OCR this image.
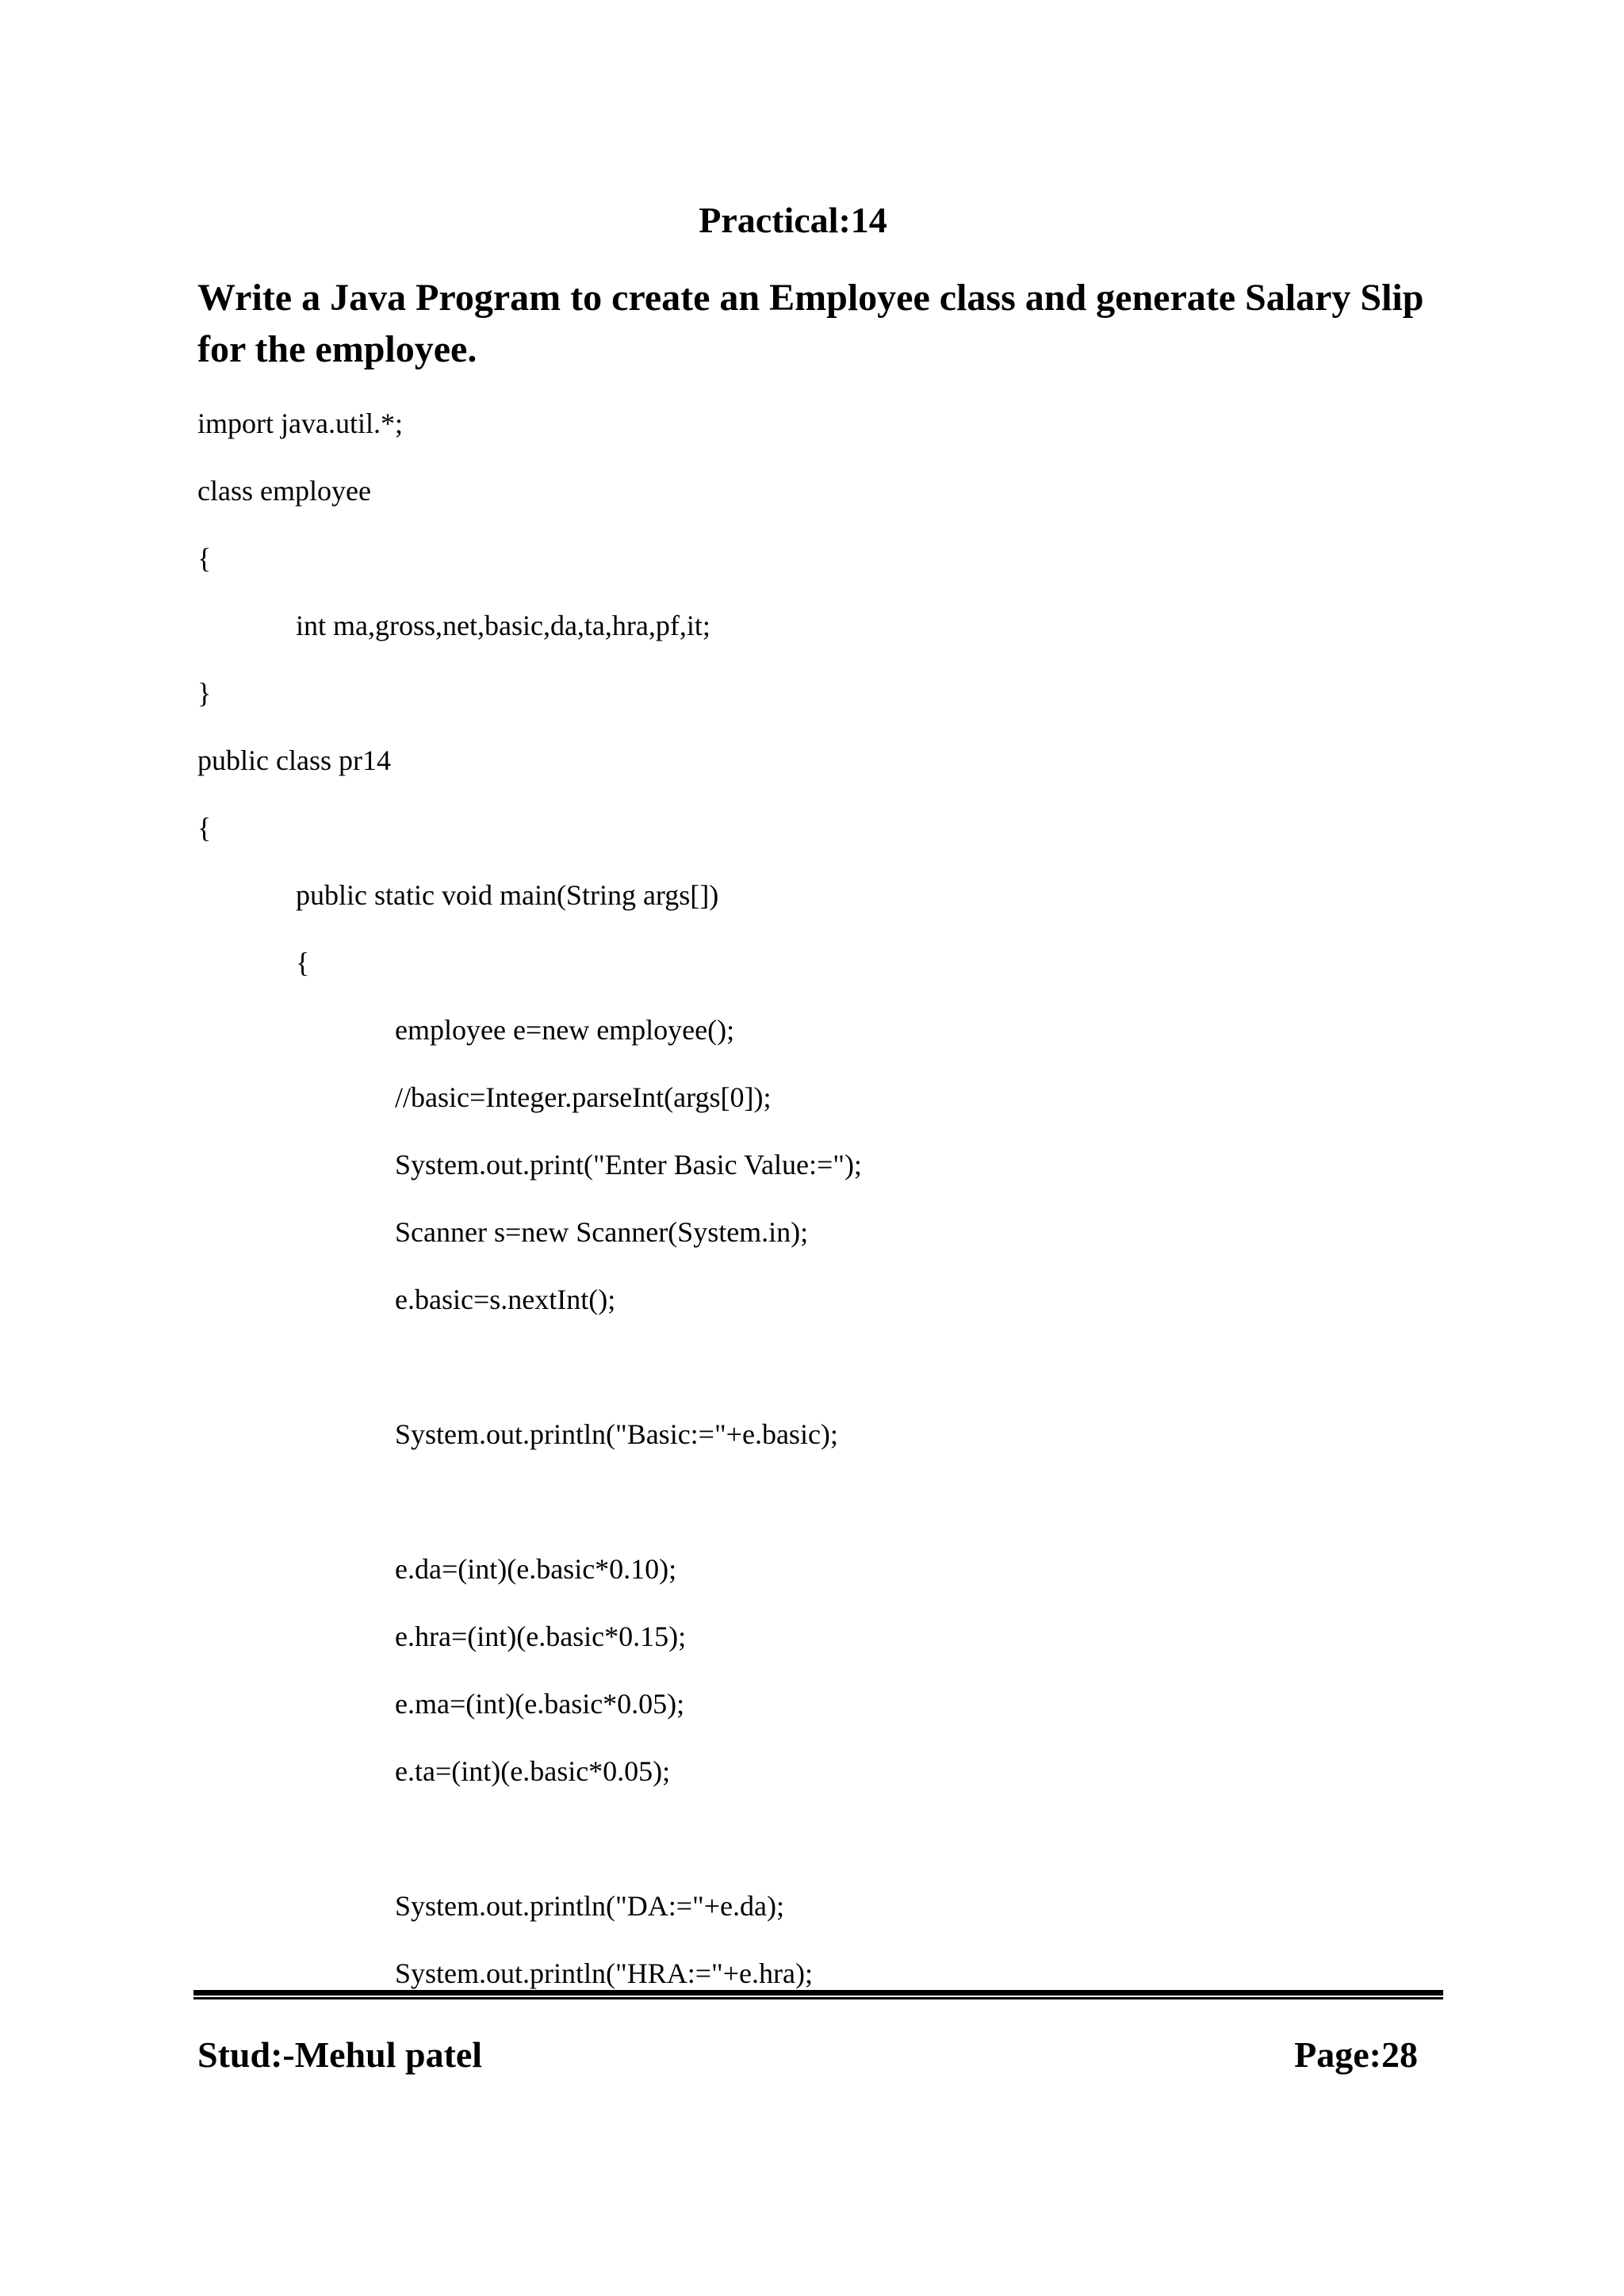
Practical:14
Write a Java Program to create an Employee class and generate Salary Slip for the employee.
import java.util.*;
class employee
{
int ma,gross,net,basic,da,ta,hra,pf,it;
}
public class pr14
{
public static void main(String args[])
{
employee e=new employee();
//basic=Integer.parseInt(args[0]);
System.out.print("Enter Basic Value:=");
Scanner s=new Scanner(System.in);
e.basic=s.nextInt();
System.out.println("Basic:="+e.basic);
e.da=(int)(e.basic*0.10);
e.hra=(int)(e.basic*0.15);
e.ma=(int)(e.basic*0.05);
e.ta=(int)(e.basic*0.05);
System.out.println("DA:="+e.da);
System.out.println("HRA:="+e.hra);
Stud:-Mehul patel	Page:28
